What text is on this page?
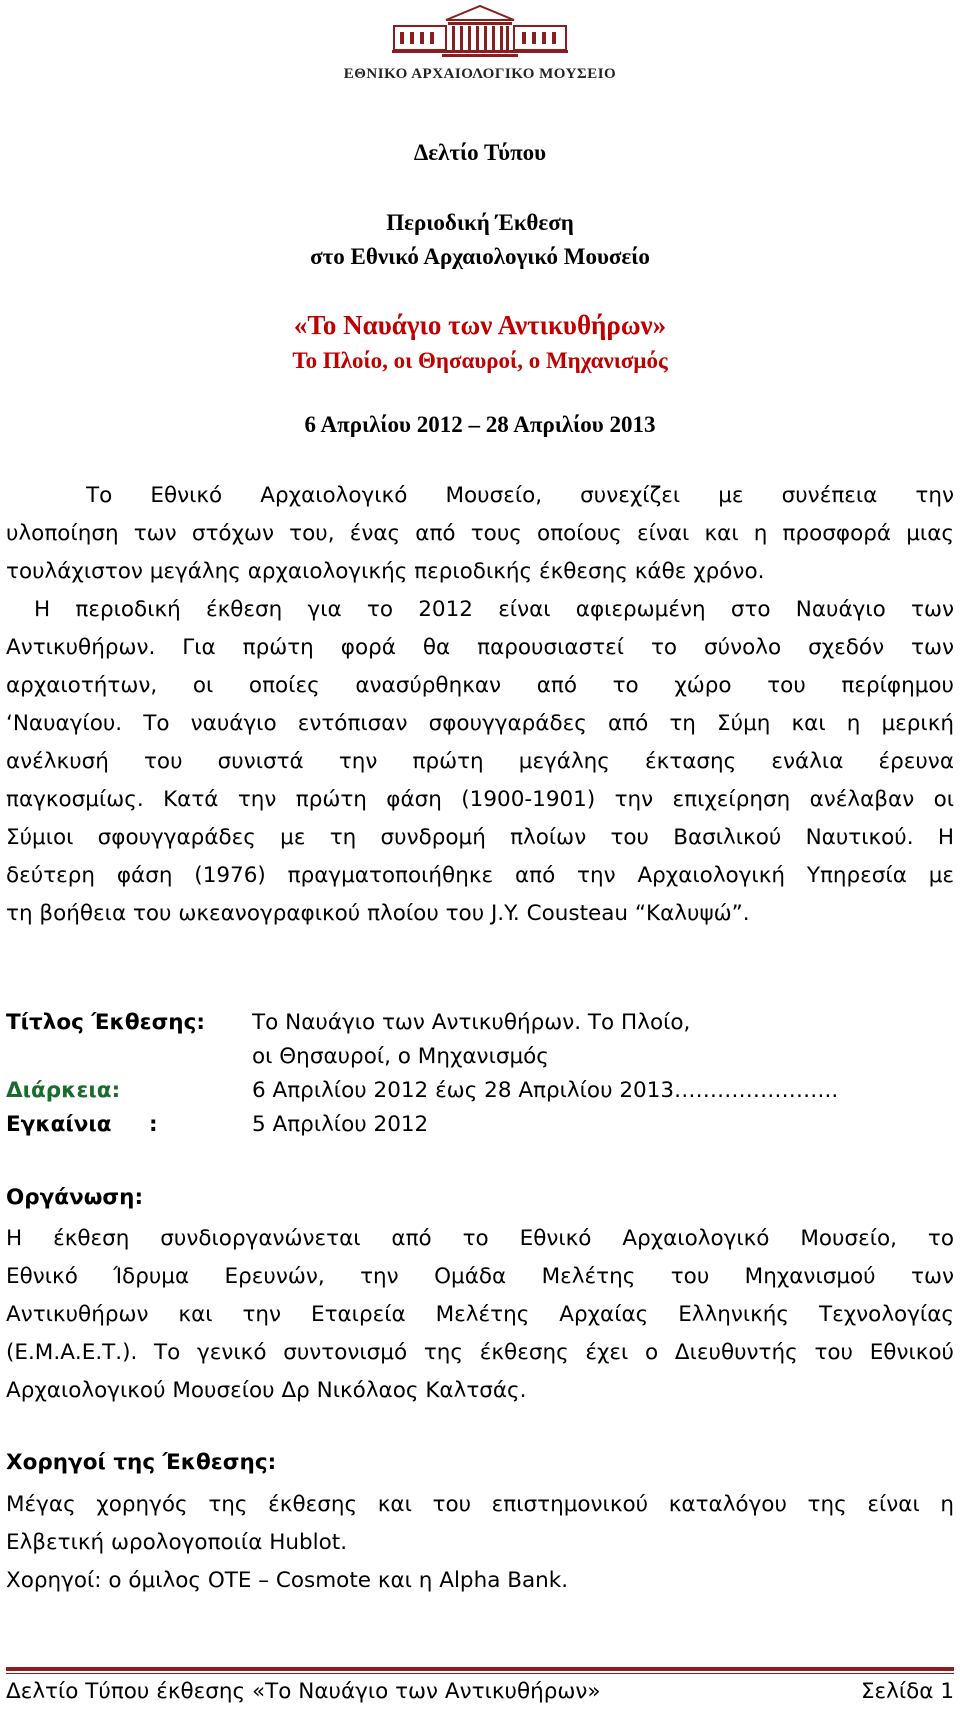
ΕΘΝΙΚΟ ΑΡΧΑΙΟΛΟΓΙΚΟ ΜΟΥΣΕΙΟ
Δελτίο Τύπου
Περιοδική Έκθεση
στο Εθνικό Αρχαιολογικό Μουσείο
«Το Ναυάγιο των Αντικυθήρων»
Το Πλοίο, οι Θησαυροί, ο Μηχανισμός
6 Απριλίου 2012 – 28 Απριλίου 2013
Το Εθνικό Αρχαιολογικό Μουσείο, συνεχίζει με συνέπεια την
υλοποίηση των στόχων του, ένας από τους οποίους είναι και η προσφορά μιας
τουλάχιστον μεγάλης αρχαιολογικής περιοδικής έκθεσης κάθε χρόνο.
Η περιοδική έκθεση για το 2012 είναι αφιερωμένη στο Ναυάγιο των
Αντικυθήρων. Για πρώτη φορά θα παρουσιαστεί το σύνολο σχεδόν των
αρχαιοτήτων, οι οποίες ανασύρθηκαν από το χώρο του περίφημου
‘Ναυαγίου. Το ναυάγιο εντόπισαν σφουγγαράδες από τη Σύμη και η μερική
ανέλκυσή του συνιστά την πρώτη μεγάλης έκτασης ενάλια έρευνα
παγκοσμίως. Κατά την πρώτη φάση (1900-1901) την επιχείρηση ανέλαβαν οι
Σύμιοι σφουγγαράδες με τη συνδρομή πλοίων του Βασιλικού Ναυτικού. Η
δεύτερη φάση (1976) πραγματοποιήθηκε από την Αρχαιολογική Υπηρεσία με
τη βοήθεια του ωκεανογραφικού πλοίου του J.Y. Cousteau “Καλυψώ”.
Τίτλος Έκθεσης: Το Ναυάγιο των Αντικυθήρων. Το Πλοίο,
οι Θησαυροί, ο Μηχανισμός
Διάρκεια:	6 Απριλίου 2012 έως 28 Απριλίου 2013…………………..
Εγκαίνια     :	5 Απριλίου 2012
Οργάνωση:
Η έκθεση συνδιοργανώνεται από το Εθνικό Αρχαιολογικό Μουσείο, το
Εθνικό Ίδρυμα Ερευνών, την Ομάδα Μελέτης του Μηχανισμού των
Αντικυθήρων και την Εταιρεία Μελέτης Αρχαίας Ελληνικής Τεχνολογίας
(Ε.Μ.Α.Ε.Τ.). Το γενικό συντονισμό της έκθεσης έχει ο Διευθυντής του Εθνικού
Αρχαιολογικού Μουσείου Δρ Νικόλαος Καλτσάς.
Χορηγοί της Έκθεσης:
Μέγας χορηγός της έκθεσης και του επιστημονικού καταλόγου της είναι η
Ελβετική ωρολογοποιία Hublot.
Χορηγοί: ο όμιλος ΟΤΕ – Cosmote και η Alpha Bank.
Δελτίο Τύπου έκθεσης «Το Ναυάγιο των Αντικυθήρων»	Σελίδα 1
